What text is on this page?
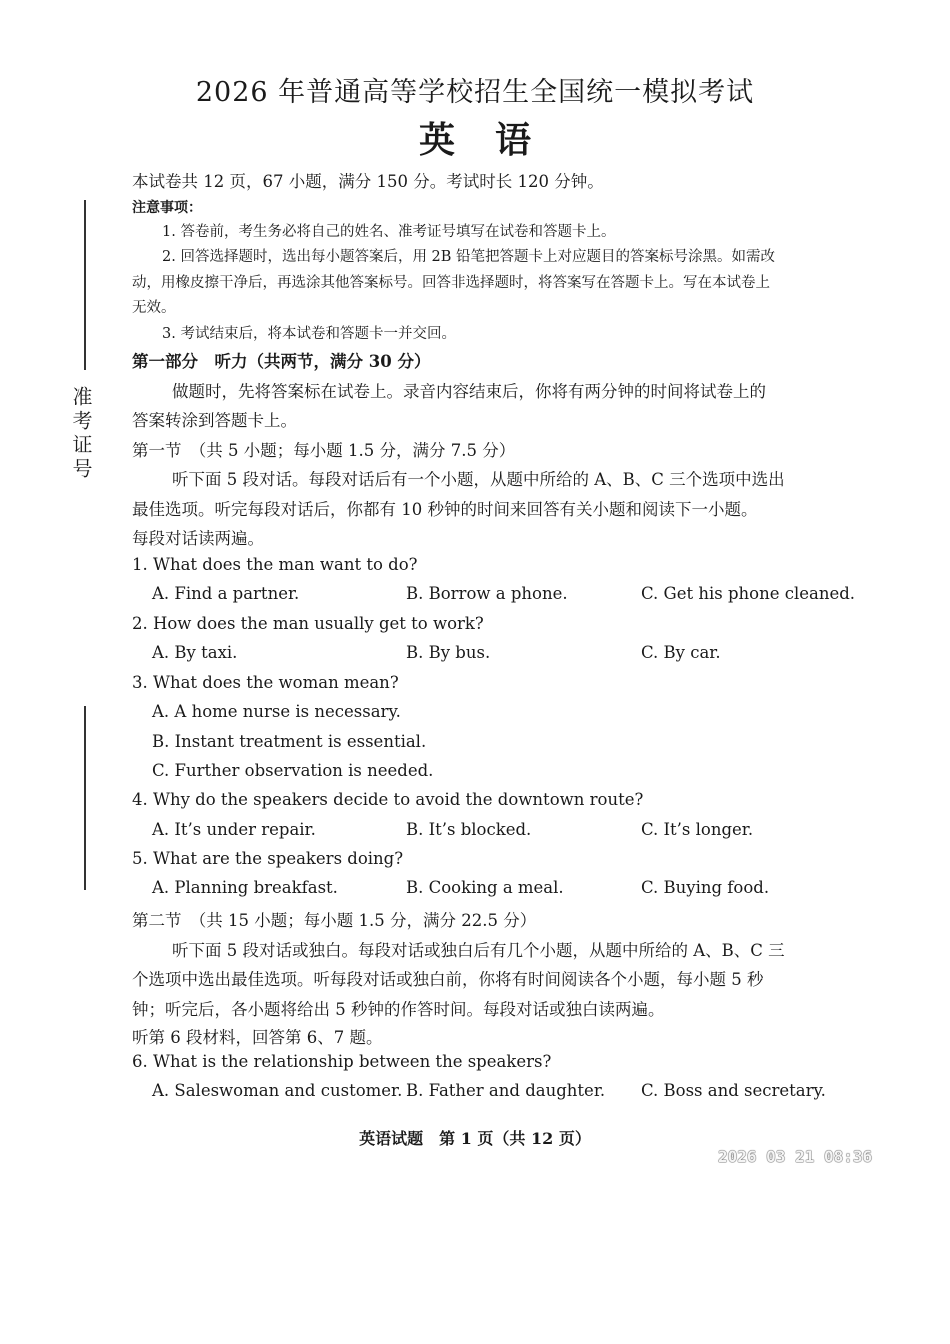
准考证号
2026 年普通高等学校招生全国统一模拟考试
英语
本试卷共 12 页，67 小题，满分 150 分。考试时长 120 分钟。
注意事项：
1. 答卷前，考生务必将自己的姓名、准考证号填写在试卷和答题卡上。
2. 回答选择题时，选出每小题答案后，用 2B 铅笔把答题卡上对应题目的答案标号涂黑。如需改
动，用橡皮擦干净后，再选涂其他答案标号。回答非选择题时，将答案写在答题卡上。写在本试卷上
无效。
3. 考试结束后，将本试卷和答题卡一并交回。
第一部分　听力（共两节，满分 30 分）
做题时，先将答案标在试卷上。录音内容结束后，你将有两分钟的时间将试卷上的
答案转涂到答题卡上。
第一节　（共 5 小题；每小题 1.5 分，满分 7.5 分）
听下面 5 段对话。每段对话后有一个小题，从题中所给的 A、B、C 三个选项中选出
最佳选项。听完每段对话后，你都有 10 秒钟的时间来回答有关小题和阅读下一小题。
每段对话读两遍。
1. What does the man want to do?
A. Find a partner.	B. Borrow a phone.	C. Get his phone cleaned.
2. How does the man usually get to work?
A. By taxi.	B. By bus.	C. By car.
3. What does the woman mean?
A. A home nurse is necessary.
B. Instant treatment is essential.
C. Further observation is needed.
4. Why do the speakers decide to avoid the downtown route?
A. It’s under repair.	B. It’s blocked.	C. It’s longer.
5. What are the speakers doing?
A. Planning breakfast.	B. Cooking a meal.	C. Buying food.
第二节　（共 15 小题；每小题 1.5 分，满分 22.5 分）
听下面 5 段对话或独白。每段对话或独白后有几个小题，从题中所给的 A、B、C 三
个选项中选出最佳选项。听每段对话或独白前，你将有时间阅读各个小题，每小题 5 秒
钟；听完后，各小题将给出 5 秒钟的作答时间。每段对话或独白读两遍。
听第 6 段材料，回答第 6、7 题。
6. What is the relationship between the speakers?
A. Saleswoman and customer. B. Father and daughter. C. Boss and secretary.
英语试题　第 1 页（共 12 页）
2026 03 21 08:36
